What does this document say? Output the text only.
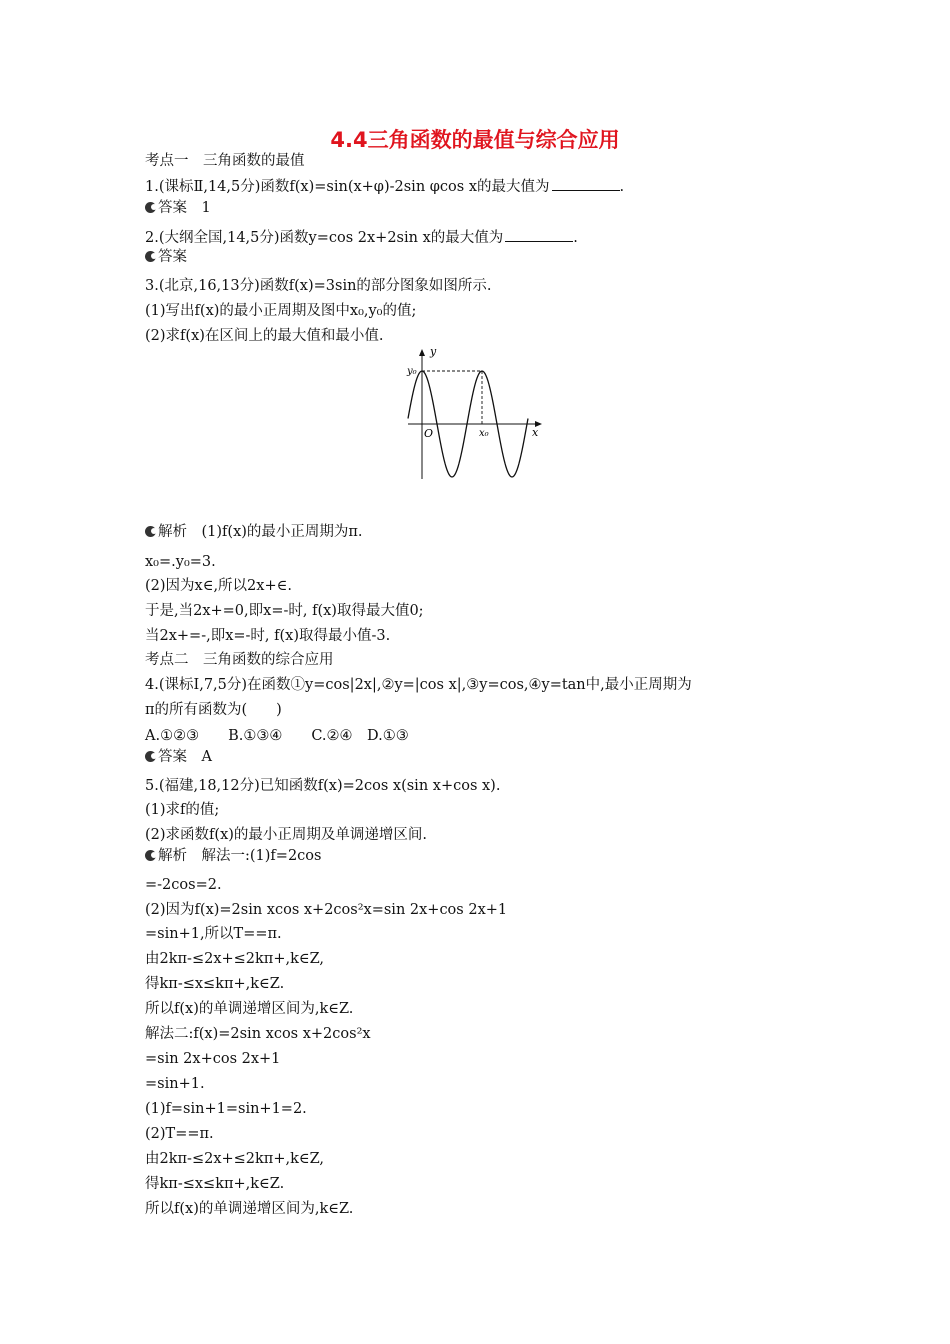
4.4三角函数的最值与综合应用
考点一　三角函数的最值
1.(课标Ⅱ,14,5分)函数f(x)=sin(x+φ)-2sin φcos x的最大值为	.
答案　1
2.(大纲全国,14,5分)函数y=cos 2x+2sin x的最大值为	.
答案
3.(北京,16,13分)函数f(x)=3sin的部分图象如图所示.
(1)写出f(x)的最小正周期及图中x₀,y₀的值;
(2)求f(x)在区间上的最大值和最小值.
y
x
O
y₀
x₀
解析　(1)f(x)的最小正周期为π.
x₀=.y₀=3.
(2)因为x∈,所以2x+∈.
于是,当2x+=0,即x=-时, f(x)取得最大值0;
当2x+=-,即x=-时, f(x)取得最小值-3.
考点二　三角函数的综合应用
4.(课标Ⅰ,7,5分)在函数①y=cos|2x|,②y=|cos x|,③y=cos,④y=tan中,最小正周期为
π的所有函数为(　　)
A.①②③　　B.①③④　　C.②④　D.①③
答案　A
5.(福建,18,12分)已知函数f(x)=2cos x(sin x+cos x).
(1)求f的值;
(2)求函数f(x)的最小正周期及单调递增区间.
解析　解法一:(1)f=2cos
=-2cos=2.
(2)因为f(x)=2sin xcos x+2cos²x=sin 2x+cos 2x+1
=sin+1,所以T==π.
由2kπ-≤2x+≤2kπ+,k∈Z,
得kπ-≤x≤kπ+,k∈Z.
所以f(x)的单调递增区间为,k∈Z.
解法二:f(x)=2sin xcos x+2cos²x
=sin 2x+cos 2x+1
=sin+1.
(1)f=sin+1=sin+1=2.
(2)T==π.
由2kπ-≤2x+≤2kπ+,k∈Z,
得kπ-≤x≤kπ+,k∈Z.
所以f(x)的单调递增区间为,k∈Z.
